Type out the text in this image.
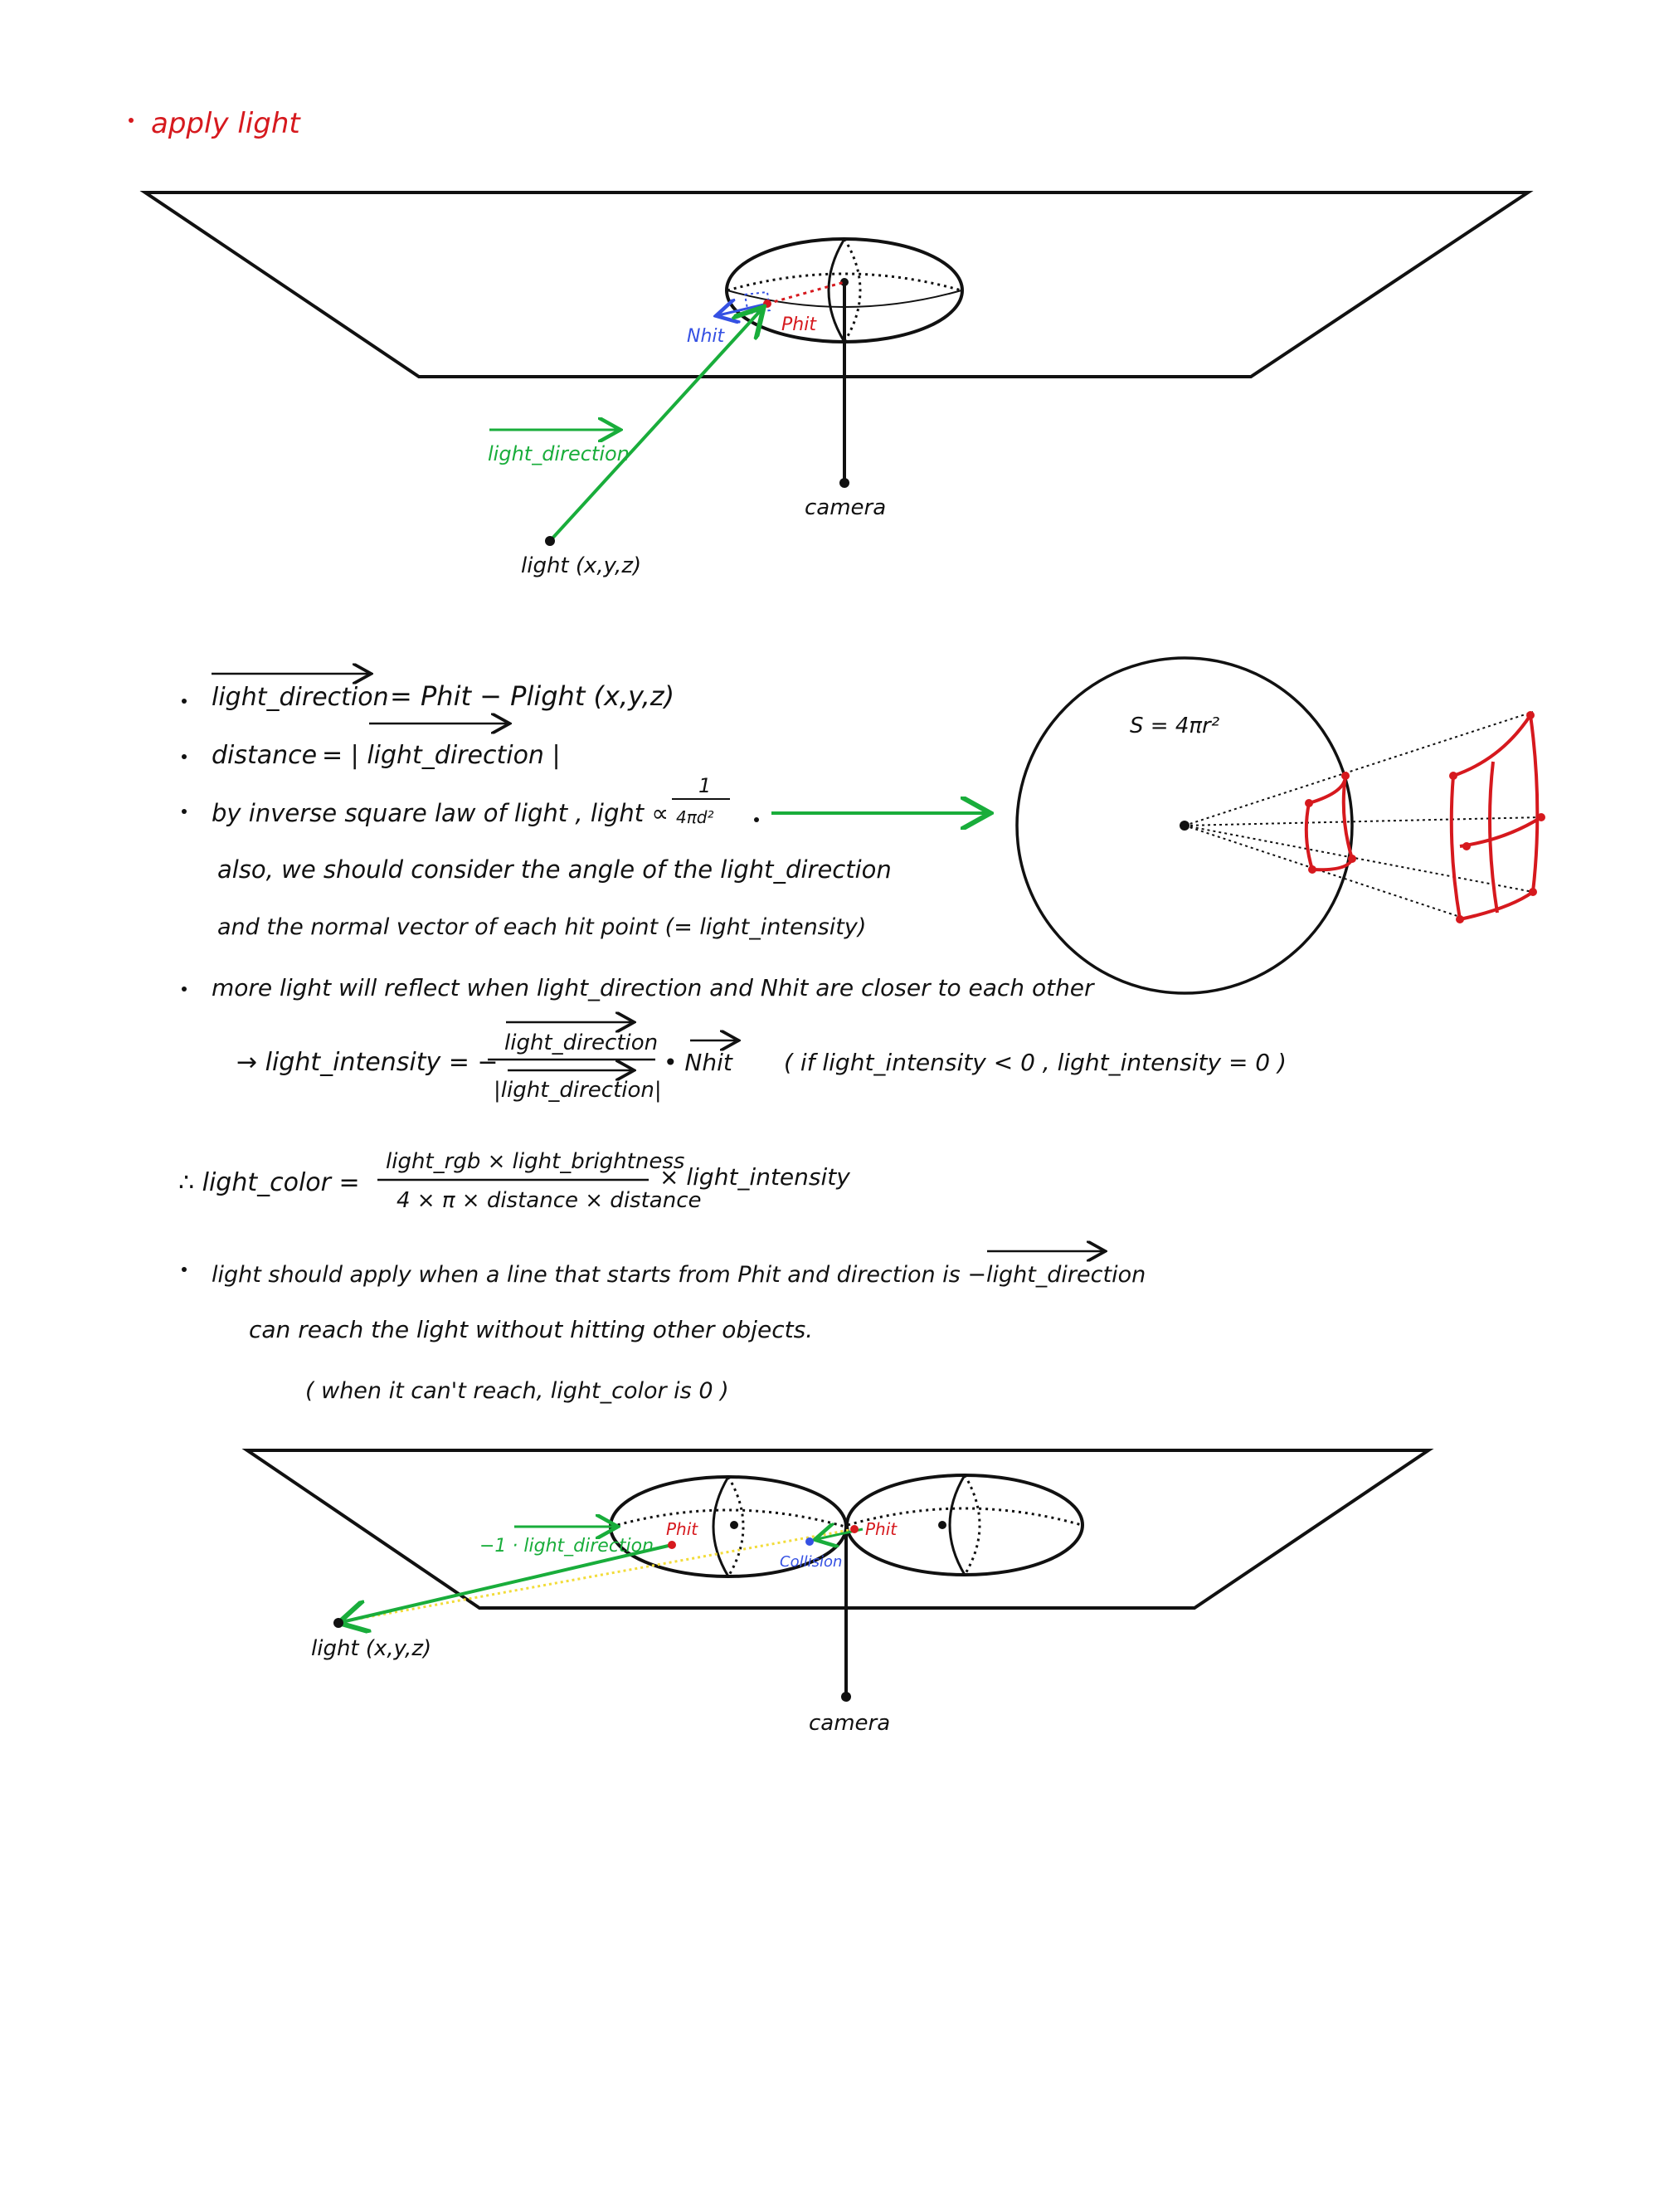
apply light
Nhit
Phit
light_direction
light (x,y,z)
camera
light_direction = Phit − Plight (x,y,z)
distance = | light_direction |
by inverse square law of light , light ∝
1
4πd²
also, we should consider the angle of the light_direction
and the normal vector of each hit point (= light_intensity)
more light will reflect when light_direction and Nhit are closer to each other
→ light_intensity = −
light_direction
|light_direction|
• Nhit ( if light_intensity < 0 , light_intensity = 0 )
∴ light_color =
light_rgb × light_brightness
4 × π × distance × distance
× light_intensity
light should apply when a line that starts from Phit and direction is −light_direction
can reach the light without hitting other objects.
( when it can't reach, light_color is 0 )
S = 4πr²
camera
−1 · light_direction
Phit	Phit
Collision
light (x,y,z)
